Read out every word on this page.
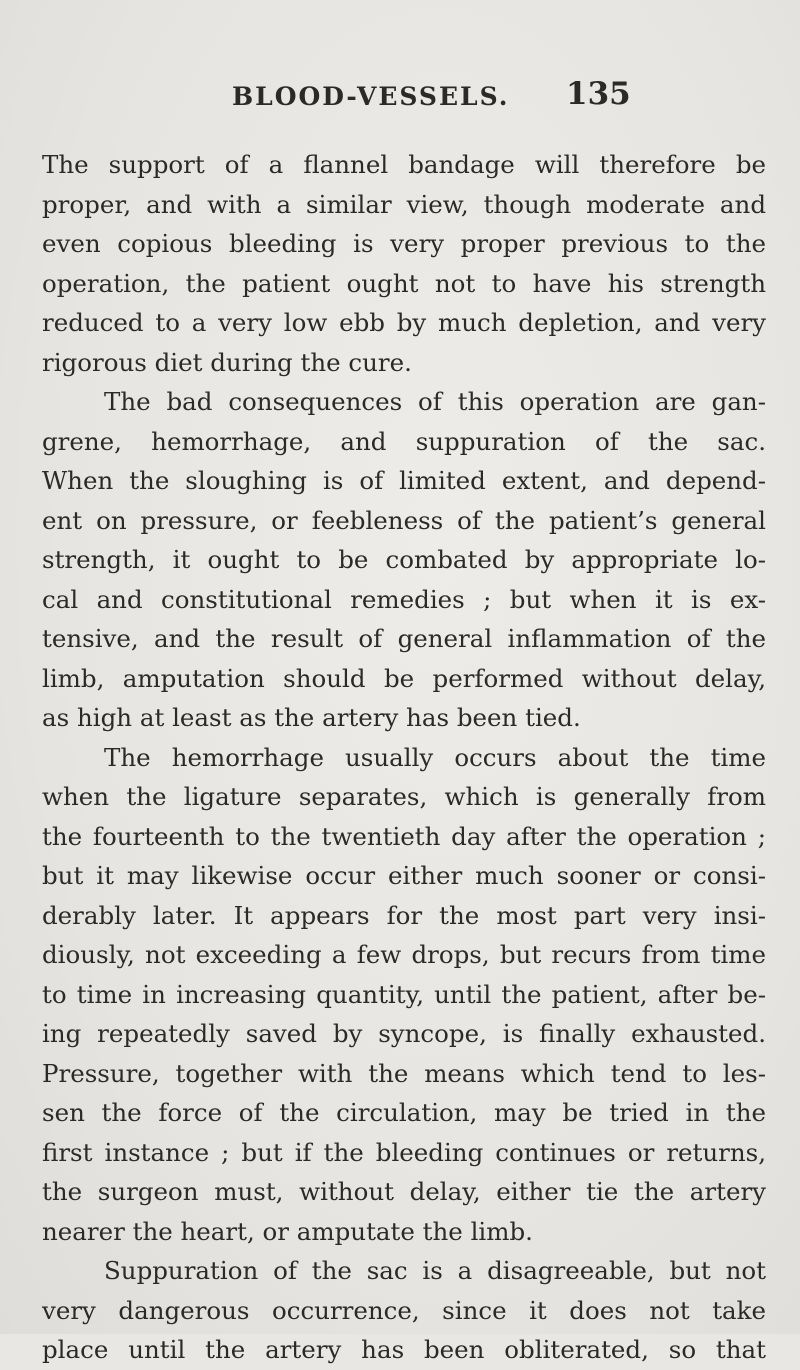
BLOOD-VESSELS. 135
The support of a flannel bandage will therefore be
proper, and with a similar view, though moderate and
even copious bleeding is very proper previous to the
operation, the patient ought not to have his strength
reduced to a very low ebb by much depletion, and very
rigorous diet during the cure.
The bad consequences of this operation are gan-
grene, hemorrhage, and suppuration of the sac.
When the sloughing is of limited extent, and depend-
ent on pressure, or feebleness of the patient’s general
strength, it ought to be combated by appropriate lo-
cal and constitutional remedies ; but when it is ex-
tensive, and the result of general inflammation of the
limb, amputation should be performed without delay,
as high at least as the artery has been tied.
The hemorrhage usually occurs about the time
when the ligature separates, which is generally from
the fourteenth to the twentieth day after the operation ;
but it may likewise occur either much sooner or consi-
derably later. It appears for the most part very insi-
diously, not exceeding a few drops, but recurs from time
to time in increasing quantity, until the patient, after be-
ing repeatedly saved by syncope, is finally exhausted.
Pressure, together with the means which tend to les-
sen the force of the circulation, may be tried in the
first instance ; but if the bleeding continues or returns,
the surgeon must, without delay, either tie the artery
nearer the heart, or amputate the limb.
Suppuration of the sac is a disagreeable, but not
very dangerous occurrence, since it does not take
place until the artery has been obliterated, so that
